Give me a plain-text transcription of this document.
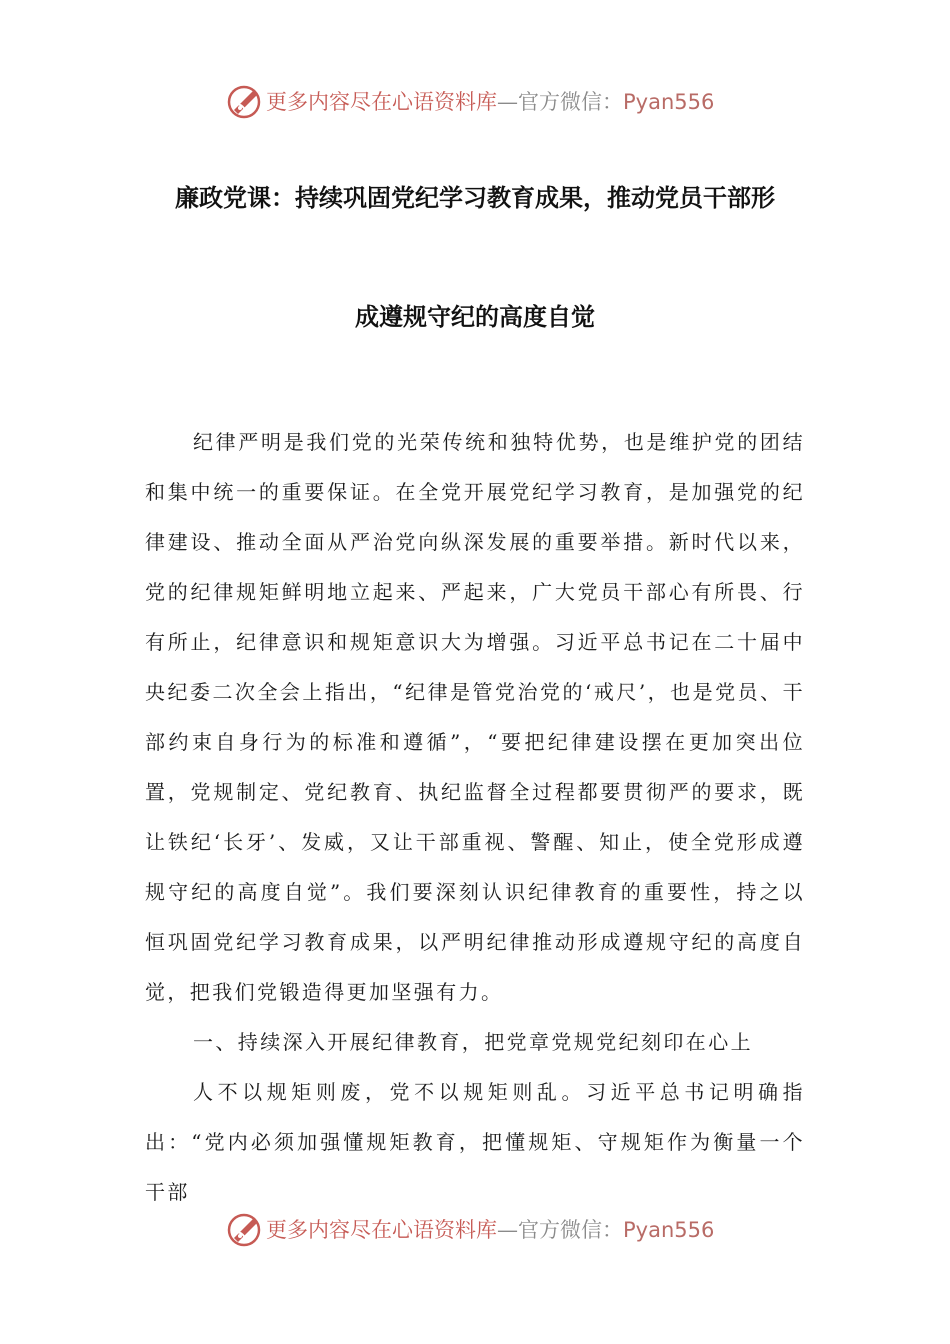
更多内容尽在心语资料库—官方微信：Pyan556
廉政党课：持续巩固党纪学习教育成果，推动党员干部形
成遵规守纪的高度自觉

纪律严明是我们党的光荣传统和独特优势，也是维护党的团结和集中统一的重要保证。在全党开展党纪学习教育，是加强党的纪律建设、推动全面从严治党向纵深发展的重要举措。新时代以来，党的纪律规矩鲜明地立起来、严起来，广大党员干部心有所畏、行有所止，纪律意识和规矩意识大为增强。习近平总书记在二十届中央纪委二次全会上指出，“纪律是管党治党的‘戒尺’，也是党员、干部约束自身行为的标准和遵循”，“要把纪律建设摆在更加突出位置，党规制定、党纪教育、执纪监督全过程都要贯彻严的要求，既让铁纪‘长牙’、发威，又让干部重视、警醒、知止，使全党形成遵规守纪的高度自觉”。我们要深刻认识纪律教育的重要性，持之以恒巩固党纪学习教育成果，以严明纪律推动形成遵规守纪的高度自觉，把我们党锻造得更加坚强有力。

一、持续深入开展纪律教育，把党章党规党纪刻印在心上

人不以规矩则废，党不以规矩则乱。习近平总书记明确指出：“党内必须加强懂规矩教育，把懂规矩、守规矩作为衡量一个干部

更多内容尽在心语资料库—官方微信：Pyan556
